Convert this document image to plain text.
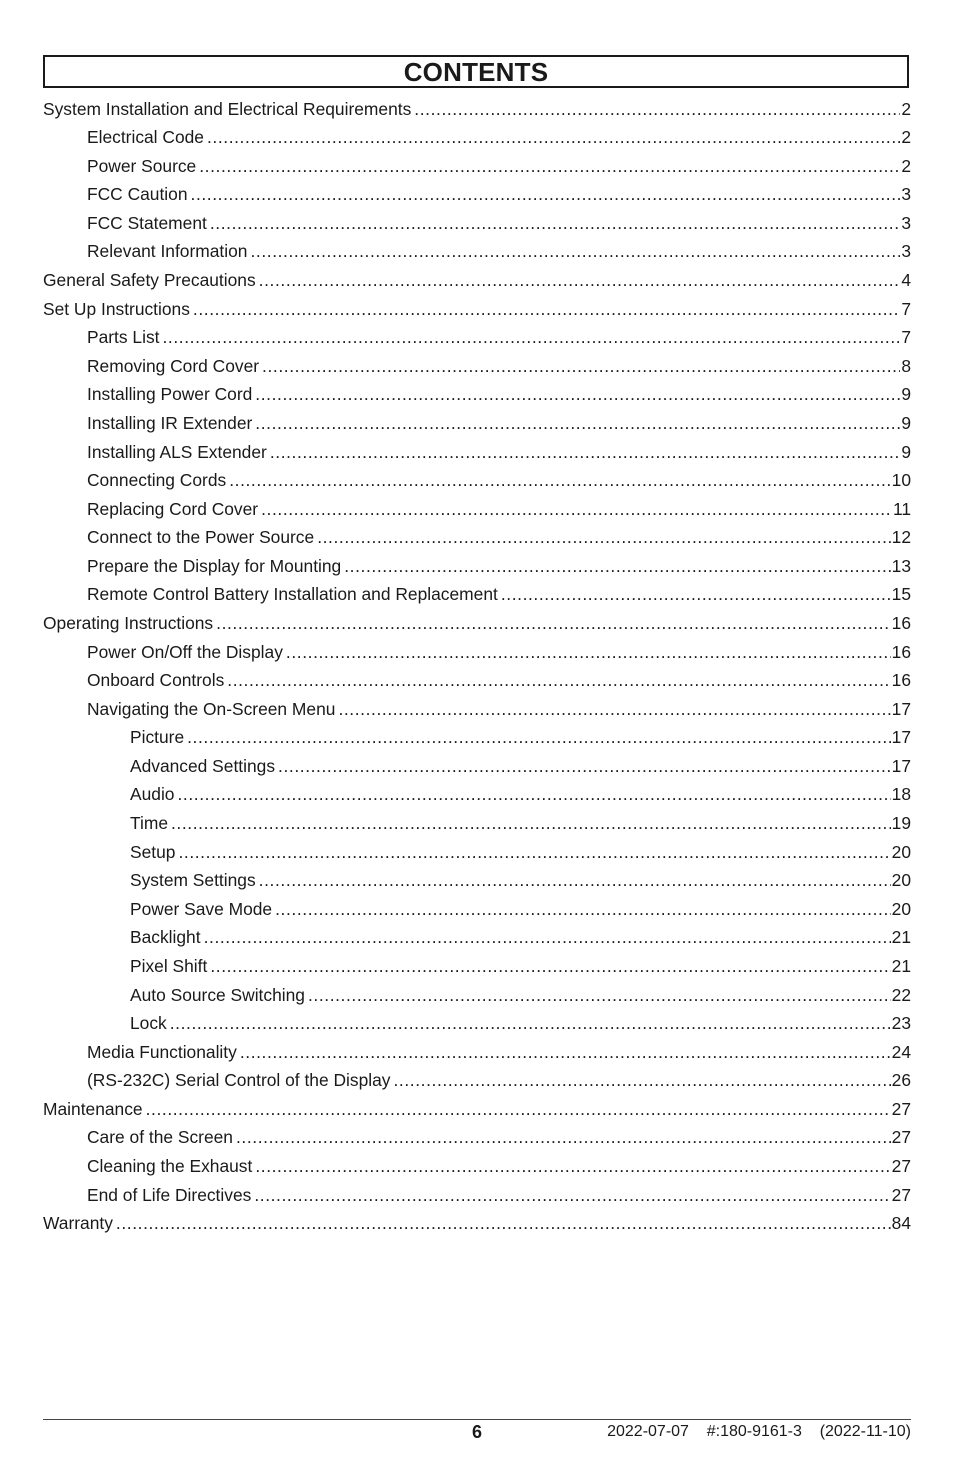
CONTENTS
System Installation and Electrical Requirements .....	2
Electrical Code .....	2
Power Source .....	2
FCC Caution .....	3
FCC Statement .....	3
Relevant Information .....	3
General Safety Precautions .....	4
Set Up Instructions .....	7
Parts List .....	7
Removing Cord Cover .....	8
Installing Power Cord .....	9
Installing IR Extender .....	9
Installing ALS Extender .....	9
Connecting Cords .....	10
Replacing Cord Cover .....	11
Connect to the Power Source .....	12
Prepare the Display for Mounting .....	13
Remote Control Battery Installation and Replacement .....	15
Operating Instructions .....	16
Power On/Off the Display .....	16
Onboard Controls .....	16
Navigating the On-Screen Menu .....	17
Picture .....	17
Advanced Settings .....	17
Audio .....	18
Time .....	19
Setup .....	20
System Settings .....	20
Power Save Mode .....	20
Backlight .....	21
Pixel Shift .....	21
Auto Source Switching .....	22
Lock .....	23
Media Functionality .....	24
(RS-232C) Serial Control of the Display .....	26
Maintenance .....	27
Care of the Screen .....	27
Cleaning the Exhaust .....	27
End of Life Directives .....	27
Warranty .....	84
6	2022-07-07    #:180-9161-3    (2022-11-10)
